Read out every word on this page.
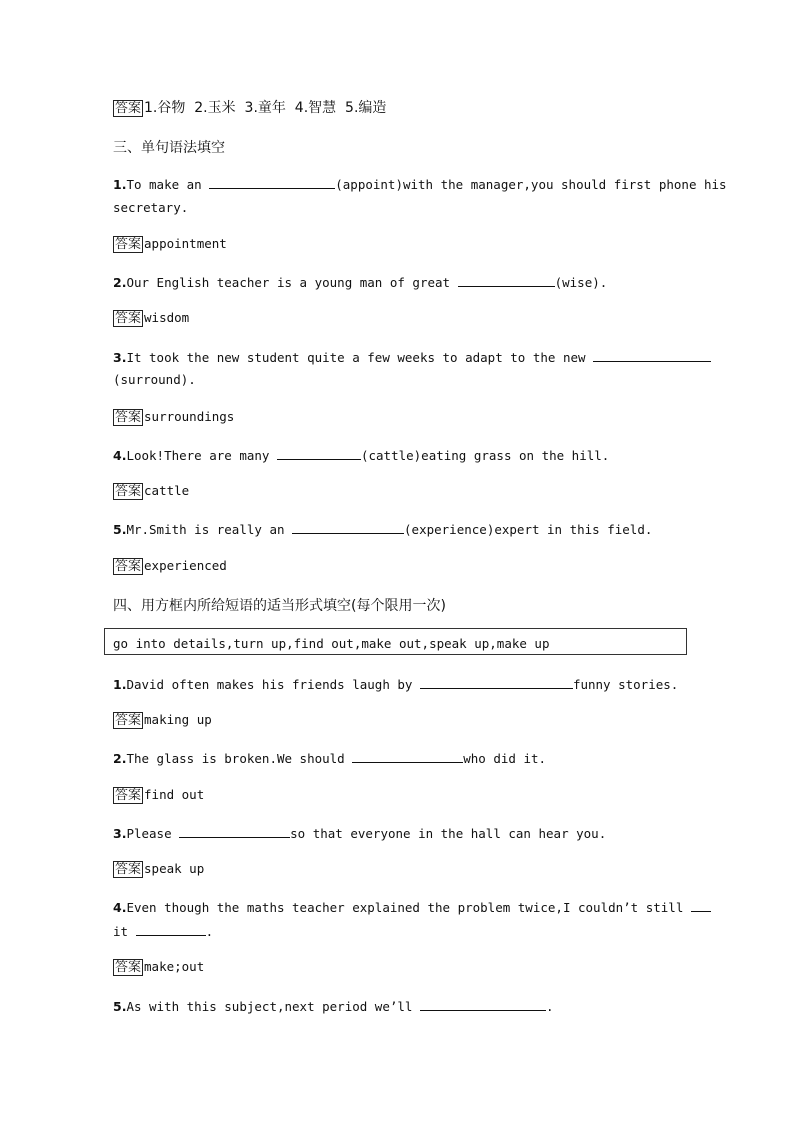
答案 1.谷物  2.玉米  3.童年  4.智慧  5.编造
三、单句语法填空
1.To make an	(appoint)with the manager,you should first phone his
secretary.
答案 appointment
2.Our English teacher is a young man of great	(wise).
答案 wisdom
3.It took the new student quite a few weeks to adapt to the new
(surround).
答案 surroundings
4.Look!There are many	(cattle)eating grass on the hill.
答案 cattle
5.Mr.Smith is really an	(experience)expert in this field.
答案 experienced
四、用方框内所给短语的适当形式填空(每个限用一次)
go into details,turn up,find out,make out,speak up,make up
1.David often makes his friends laugh by	funny stories.
答案 making up
2.The glass is broken.We should	who did it.
答案 find out
3.Please	so that everyone in the hall can hear you.
答案 speak up
4.Even though the maths teacher explained the problem twice,I couldn’t still
it	.
答案 make;out
5.As with this subject,next period we’ll	.
